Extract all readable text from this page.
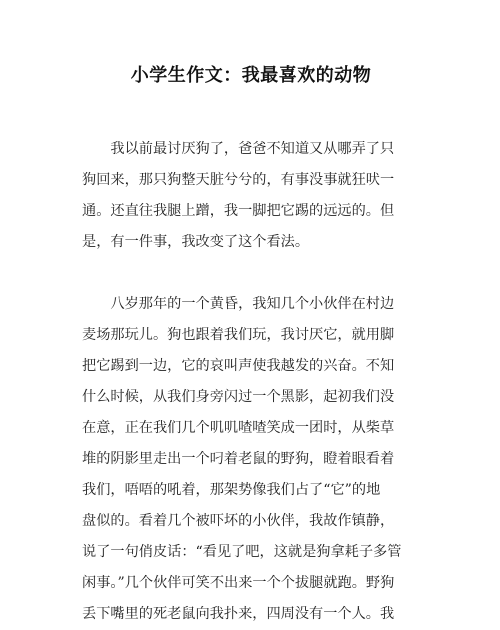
小学生作文：我最喜欢的动物
　　我以前最讨厌狗了，爸爸不知道又从哪弄了只
狗回来，那只狗整天脏兮兮的，有事没事就狂吠一
通。还直往我腿上蹭，我一脚把它踢的远远的。但
是，有一件事，我改变了这个看法。
　　八岁那年的一个黄昏，我知几个小伙伴在村边
麦场那玩儿。狗也跟着我们玩，我讨厌它，就用脚
把它踢到一边，它的哀叫声使我越发的兴奋。不知
什么时候，从我们身旁闪过一个黑影，起初我们没
在意，正在我们几个叽叽喳喳笑成一团时，从柴草
堆的阴影里走出一个叼着老鼠的野狗，瞪着眼看着
我们，唔唔的吼着，那架势像我们占了“它”的地
盘似的。看着几个被吓坏的小伙伴，我故作镇静，
说了一句俏皮话：“看见了吧，这就是狗拿耗子多管
闲事。”几个伙伴可笑不出来一个个拔腿就跑。野狗
丢下嘴里的死老鼠向我扑来，四周没有一个人。我
